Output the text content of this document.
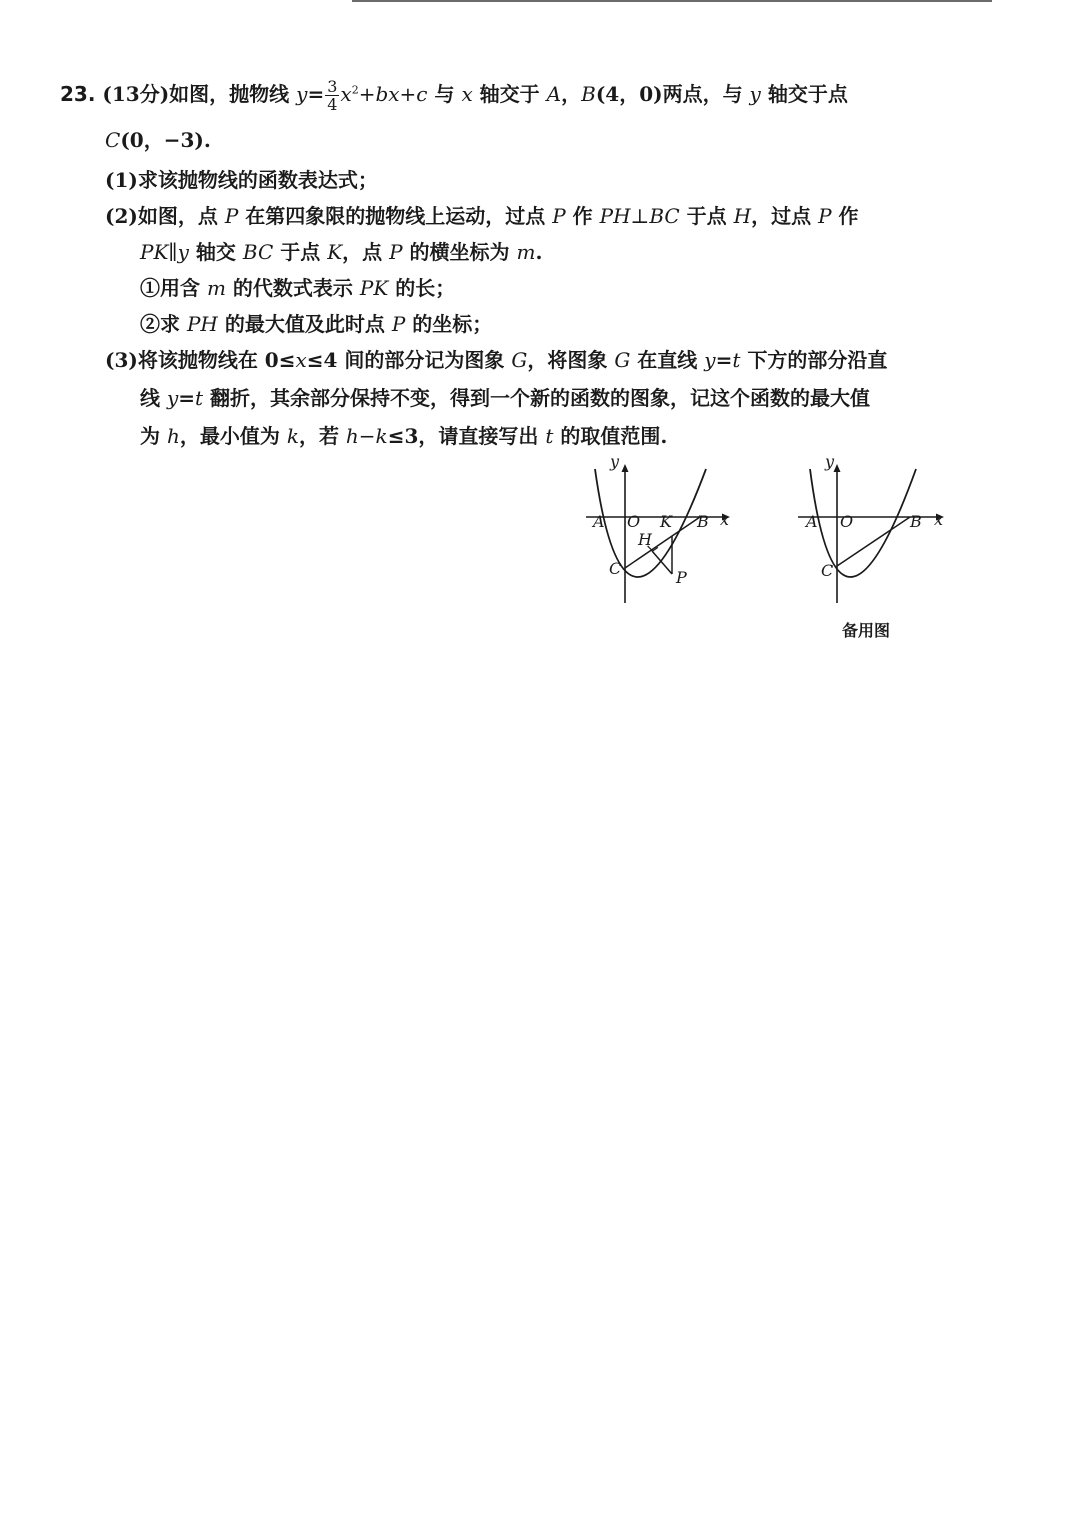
23. (13分)如图，抛物线 $y= \frac{3}{4} x^2+bx+c$ 与 x 轴交于 A，B(4，0)两点，与 y 轴交于点
C(0，−3).
(1)求该抛物线的函数表达式；
(2)如图，点 P 在第四象限的抛物线上运动，过点 P 作 PH⊥BC 于点 H，过点 P 作
PK∥y 轴交 BC 于点 K，点 P 的横坐标为 m.
①用含 m 的代数式表示 PK 的长；
②求 PH 的最大值及此时点 P 的坐标；
(3)将该抛物线在 0≤x≤4 间的部分记为图象 G，将图象 G 在直线 y=t 下方的部分沿直
线 y=t 翻折，其余部分保持不变，得到一个新的函数的图象，记这个函数的最大值
为 h，最小值为 k，若 h−k≤3，请直接写出 t 的取值范围.
y
x
A O K B
H
C	P
y
x
A O	B
C
备用图
